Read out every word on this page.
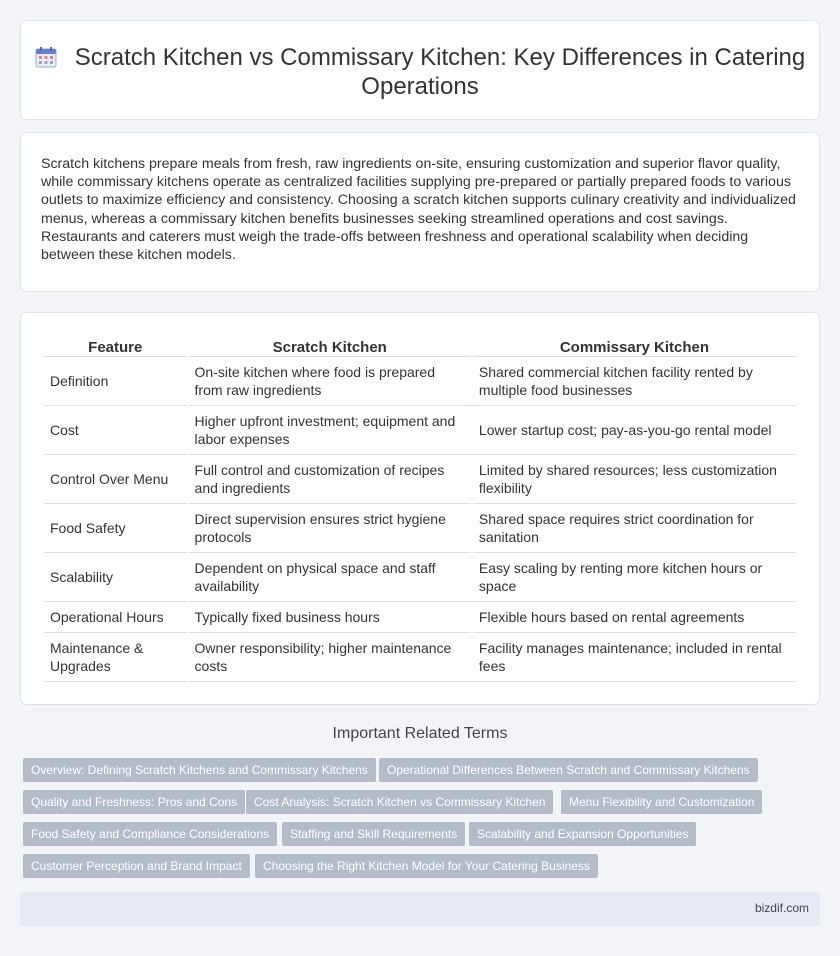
Scratch Kitchen vs Commissary Kitchen: Key Differences in Catering Operations

Scratch kitchens prepare meals from fresh, raw ingredients on-site, ensuring customization and superior flavor quality, while commissary kitchens operate as centralized facilities supplying pre-prepared or partially prepared foods to various outlets to maximize efficiency and consistency. Choosing a scratch kitchen supports culinary creativity and individualized menus, whereas a commissary kitchen benefits businesses seeking streamlined operations and cost savings. Restaurants and caterers must weigh the trade-offs between freshness and operational scalability when deciding between these kitchen models.

Feature	Scratch Kitchen	Commissary Kitchen
Definition	On-site kitchen where food is prepared from raw ingredients	Shared commercial kitchen facility rented by multiple food businesses
Cost	Higher upfront investment; equipment and labor expenses	Lower startup cost; pay-as-you-go rental model
Control Over Menu	Full control and customization of recipes and ingredients	Limited by shared resources; less customization flexibility
Food Safety	Direct supervision ensures strict hygiene protocols	Shared space requires strict coordination for sanitation
Scalability	Dependent on physical space and staff availability	Easy scaling by renting more kitchen hours or space
Operational Hours	Typically fixed business hours	Flexible hours based on rental agreements
Maintenance & Upgrades	Owner responsibility; higher maintenance costs	Facility manages maintenance; included in rental fees
Important Related Terms
Overview: Defining Scratch Kitchens and Commissary Kitchens	Operational Differences Between Scratch and Commissary Kitchens
Quality and Freshness: Pros and Cons	Cost Analysis: Scratch Kitchen vs Commissary Kitchen	Menu Flexibility and Customization
Food Safety and Compliance Considerations	Staffing and Skill Requirements	Scalability and Expansion Opportunities
Customer Perception and Brand Impact	Choosing the Right Kitchen Model for Your Catering Business
bizdif.com
